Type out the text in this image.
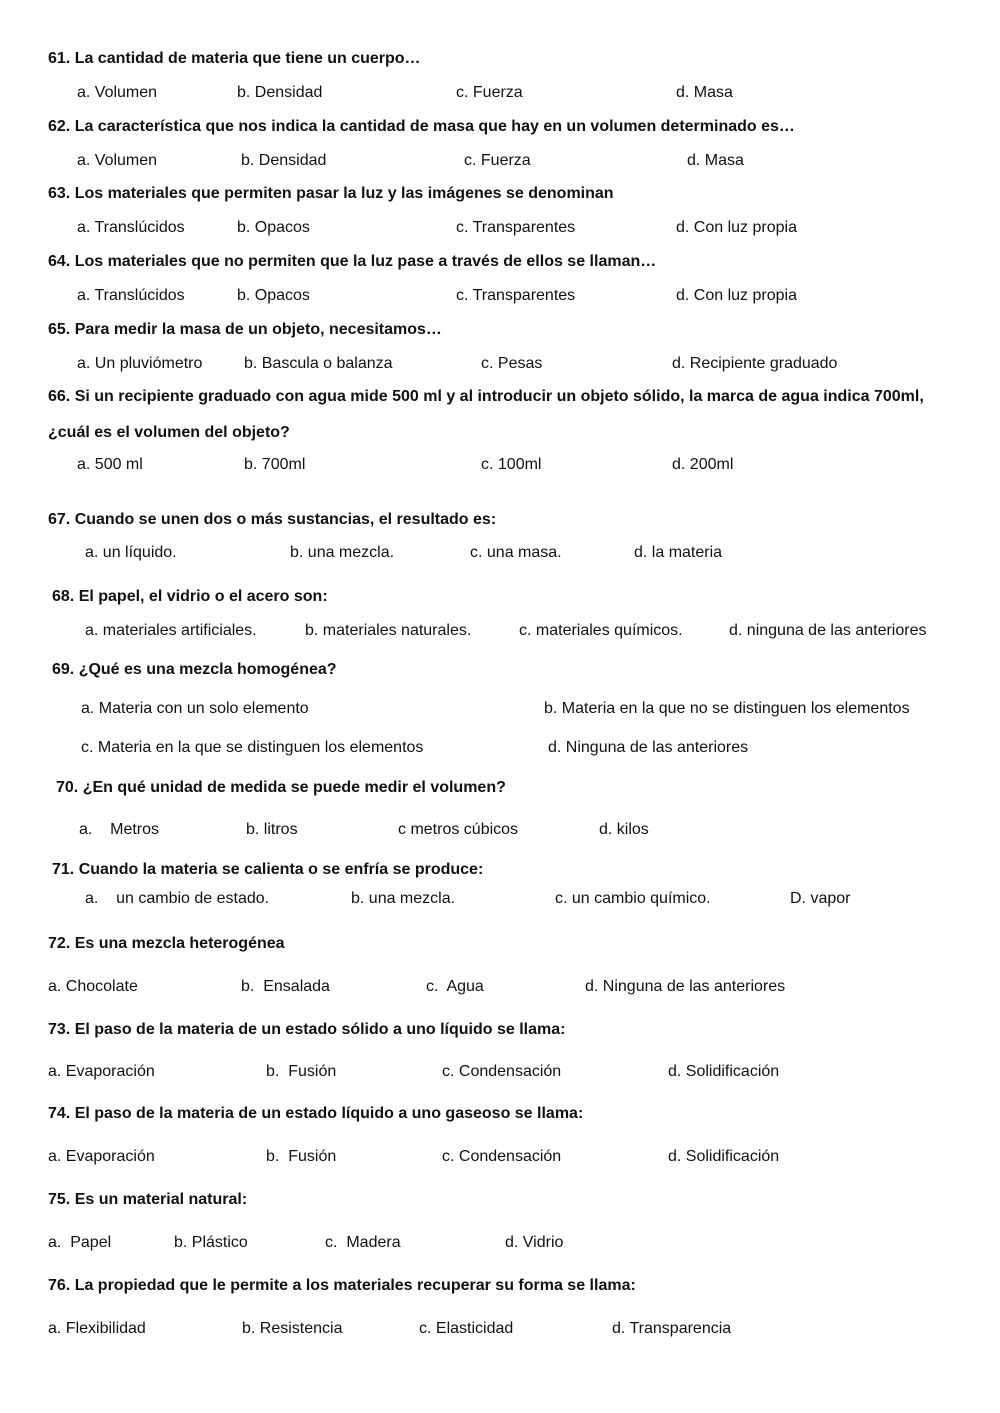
61. La cantidad de materia que tiene un cuerpo…
a. Volumen	b. Densidad	c. Fuerza	d. Masa
62. La característica que nos indica la cantidad de masa que hay en un volumen determinado es…
a. Volumen	b. Densidad	c. Fuerza	d. Masa
63. Los materiales que permiten pasar la luz y las imágenes se denominan
a. Translúcidos	b. Opacos	c. Transparentes	d. Con luz propia
64. Los materiales que no permiten que la luz pase a través de ellos se llaman…
a. Translúcidos	b. Opacos	c. Transparentes	d. Con luz propia
65. Para medir la masa de un objeto, necesitamos…
a. Un pluviómetro	b. Bascula o balanza	c. Pesas	d. Recipiente graduado
66. Si un recipiente graduado con agua mide 500 ml y al introducir un objeto sólido, la marca de agua indica 700ml, ¿cuál es el volumen del objeto?
a. 500 ml	b. 700ml	c. 100ml	d. 200ml
67. Cuando se unen dos o más sustancias, el resultado es:
a. un líquido.	b. una mezcla.	c. una masa.	d. la materia
68. El papel, el vidrio o el acero son:
a. materiales artificiales.	b. materiales naturales.	c. materiales químicos.	d. ninguna de las anteriores
69. ¿Qué es una mezcla homogénea?
a. Materia con un solo elemento	b. Materia en la que no se distinguen los elementos
c. Materia en la que se distinguen los elementos	d. Ninguna de las anteriores
70. ¿En qué unidad de medida se puede medir el volumen?
a.    Metros	b. litros	c metros cúbicos	d. kilos
71. Cuando la materia se calienta o se enfría se produce:
a.    un cambio de estado.	b. una mezcla.	c. un cambio químico.	D. vapor
72. Es una mezcla heterogénea
a. Chocolate	b.  Ensalada	c.  Agua	d. Ninguna de las anteriores
73. El paso de la materia de un estado sólido a uno líquido se llama:
a. Evaporación	b.  Fusión	c. Condensación	d. Solidificación
74. El paso de la materia de un estado líquido a uno gaseoso se llama:
a. Evaporación	b.  Fusión	c. Condensación	d. Solidificación
75. Es un material natural:
a.  Papel	b. Plástico	c.  Madera	d. Vidrio
76. La propiedad que le permite a los materiales recuperar su forma se llama:
a. Flexibilidad	b. Resistencia	c. Elasticidad	d. Transparencia
